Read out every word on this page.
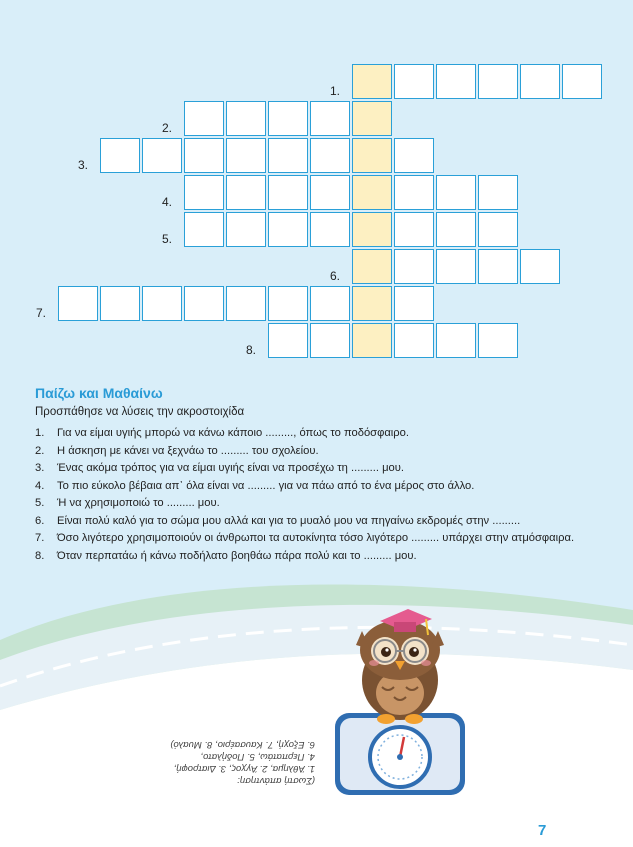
1.
2.
3.
4.
5.
6.
7.
8.
Παίζω και Μαθαίνω
Προσπάθησε να λύσεις την ακροστοιχίδα
1. Για να είμαι υγιής μπορώ να κάνω κάποιο ........., όπως το ποδόσφαιρο.
2. Η άσκηση με κάνει να ξεχνάω το ......... του σχολείου.
3. Ένας ακόμα τρόπος για να είμαι υγιής είναι να προσέχω τη ......... μου.
4. Το πιο εύκολο βέβαια απ᾽ όλα είναι να ......... για να πάω από το ένα μέρος στο άλλο.
5. Ή να χρησιμοποιώ το ......... μου.
6. Είναι πολύ καλό για το σώμα μου αλλά και για το μυαλό μου να πηγαίνω εκδρομές στην .........
7. Όσο λιγότερο χρησιμοποιούν οι άνθρωποι τα αυτοκίνητα τόσο λιγότερο ......... υπάρχει στην ατμόσφαιρα.
8. Όταν περπατάω ή κάνω ποδήλατο βοηθάω πάρα πολύ και το ......... μου.
(Σωστή απάντηση:
1. Άθλημα, 2. Άγχος, 3. Διατροφή,
4. Περπατάω, 5. Ποδήλατο,
6. Εξοχή, 7. Καυσαέριο, 8. Μυαλό)
7
